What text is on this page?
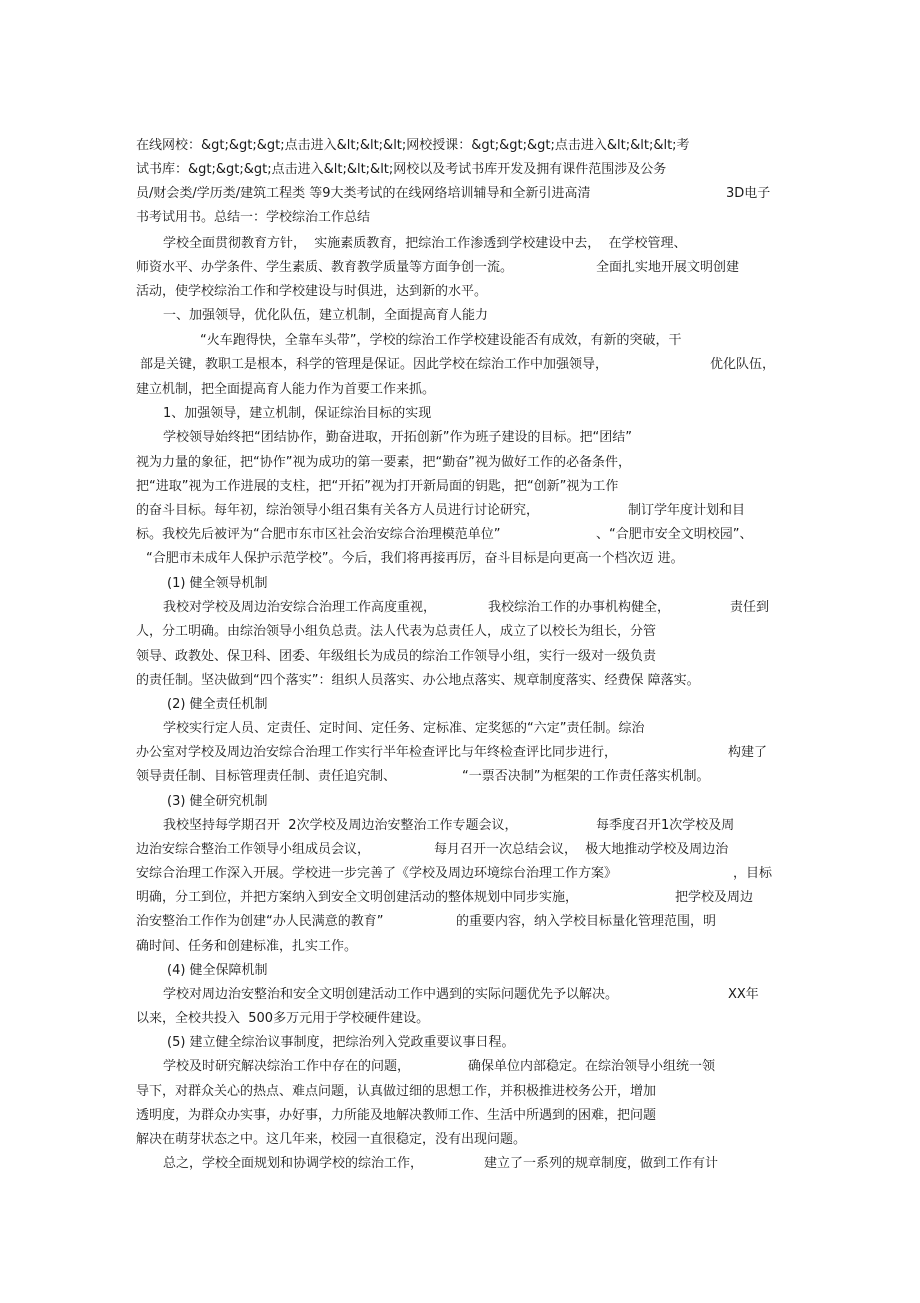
在线网校：&gt;&gt;&gt;点击进入&lt;&lt;&lt;网校授课：&gt;&gt;&gt;点击进入&lt;&lt;&lt;考
试书库：&gt;&gt;&gt;点击进入&lt;&lt;&lt;网校以及考试书库开发及拥有课件范围涉及公务
员/财会类/学历类/建筑工程类 等9大类考试的在线网络培训辅导和全新引进高清	3D电子
书考试用书。总结一：学校综治工作总结
学校全面贯彻教育方针，  实施素质教育，把综治工作渗透到学校建设中去，  在学校管理、
师资水平、办学条件、学生素质、教育教学质量等方面争创一流。	全面扎实地开展文明创建
活动，使学校综治工作和学校建设与时俱进，达到新的水平。
一、加强领导，优化队伍，建立机制，全面提高育人能力
“火车跑得快，全靠车头带”，学校的综治工作学校建设能否有成效，有新的突破，干
部是关键，教职工是根本，科学的管理是保证。因此学校在综治工作中加强领导，	优化队伍，
建立机制，把全面提高育人能力作为首要工作来抓。
1、加强领导，建立机制，保证综治目标的实现
学校领导始终把“团结协作，勤奋进取，开拓创新”作为班子建设的目标。把“团结”
视为力量的象征，把“协作”视为成功的第一要素，把“勤奋”视为做好工作的必备条件，
把“进取”视为工作进展的支柱，把“开拓”视为打开新局面的钥匙，把“创新”视为工作
的奋斗目标。每年初，综治领导小组召集有关各方人员进行讨论研究，	制订学年度计划和目
标。我校先后被评为“合肥市东市区社会治安综合治理模范单位”	、“合肥市安全文明校园”、
“合肥市未成年人保护示范学校”。今后，我们将再接再厉，奋斗目标是向更高一个档次迈 进。
(1) 健全领导机制
我校对学校及周边治安综合治理工作高度重视，	我校综治工作的办事机构健全，	责任到
人，分工明确。由综治领导小组负总责。法人代表为总责任人，成立了以校长为组长，分管
领导、政教处、保卫科、团委、年级组长为成员的综治工作领导小组，实行一级对一级负责
的责任制。坚决做到“四个落实”：组织人员落实、办公地点落实、规章制度落实、经费保 障落实。
(2) 健全责任机制
学校实行定人员、定责任、定时间、定任务、定标准、定奖惩的“六定”责任制。综治
办公室对学校及周边治安综合治理工作实行半年检查评比与年终检查评比同步进行，	构建了
领导责任制、目标管理责任制、责任追究制、	“一票否决制”为框架的工作责任落实机制。
(3) 健全研究机制
我校坚持每学期召开  2次学校及周边治安整治工作专题会议，	每季度召开1次学校及周
边治安综合整治工作领导小组成员会议，	每月召开一次总结会议，  极大地推动学校及周边治
安综合治理工作深入开展。学校进一步完善了《学校及周边环境综台治理工作方案》	，目标
明确，分工到位，并把方案纳入到安全文明创建活动的整体规划中同步实施，	把学校及周边
治安整治工作作为创建“办人民满意的教育”	的重要内容，纳入学校目标量化管理范围，明
确时间、任务和创建标准，扎实工作。
(4) 健全保障机制
学校对周边治安整治和安全文明创建活动工作中遇到的实际问题优先予以解决。	XX年
以来，全校共投入  500多万元用于学校硬件建设。
(5) 建立健全综治议事制度，把综治列入党政重要议事日程。
学校及时研究解决综治工作中存在的问题，	确保单位内部稳定。在综治领导小组统一领
导下，对群众关心的热点、难点问题，认真做过细的思想工作，并积极推进校务公开，增加
透明度，为群众办实事，办好事，力所能及地解决教师工作、生活中所遇到的困难，把问题
解决在萌芽状态之中。这几年来，校园一直很稳定，没有出现问题。
总之，学校全面规划和协调学校的综治工作，	建立了一系列的规章制度，做到工作有计
